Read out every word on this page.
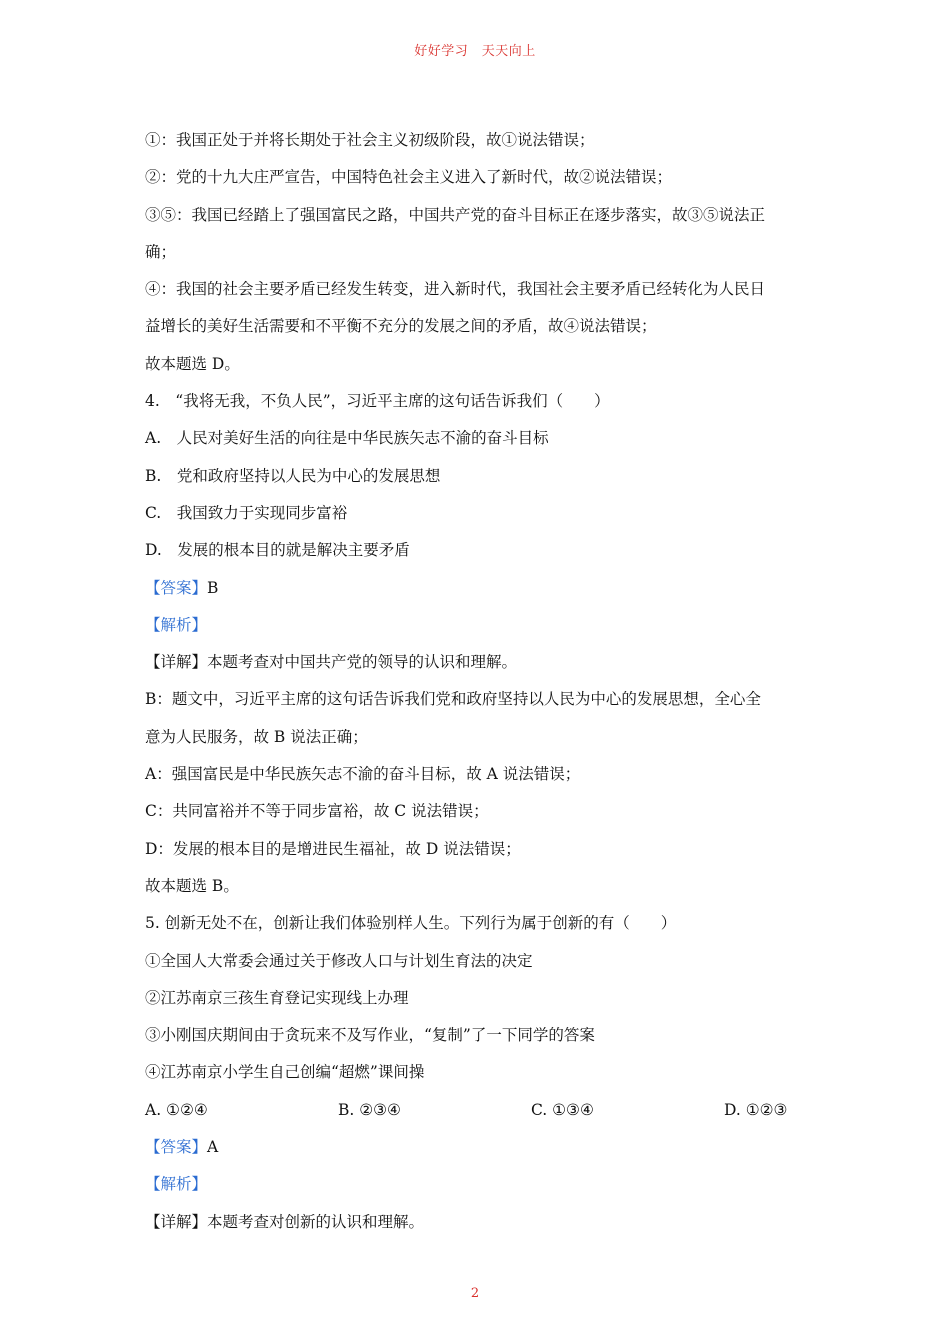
好好学习　天天向上
①：我国正处于并将长期处于社会主义初级阶段，故①说法错误；
②：党的十九大庄严宣告，中国特色社会主义进入了新时代，故②说法错误；
③⑤：我国已经踏上了强国富民之路，中国共产党的奋斗目标正在逐步落实，故③⑤说法正
确；
④：我国的社会主要矛盾已经发生转变，进入新时代，我国社会主要矛盾已经转化为人民日
益增长的美好生活需要和不平衡不充分的发展之间的矛盾，故④说法错误；
故本题选 D。
4.　“我将无我，不负人民”，习近平主席的这句话告诉我们（　　）
A.　人民对美好生活的向往是中华民族矢志不渝的奋斗目标
B.　党和政府坚持以人民为中心的发展思想
C.　我国致力于实现同步富裕
D.　发展的根本目的就是解决主要矛盾
【答案】B
【解析】
【详解】本题考查对中国共产党的领导的认识和理解。
B：题文中，习近平主席的这句话告诉我们党和政府坚持以人民为中心的发展思想，全心全
意为人民服务，故 B 说法正确；
A：强国富民是中华民族矢志不渝的奋斗目标，故 A 说法错误；
C：共同富裕并不等于同步富裕，故 C 说法错误；
D：发展的根本目的是增进民生福祉，故 D 说法错误；
故本题选 B。
5. 创新无处不在，创新让我们体验别样人生。下列行为属于创新的有（　　）
①全国人大常委会通过关于修改人口与计划生育法的决定
②江苏南京三孩生育登记实现线上办理
③小刚国庆期间由于贪玩来不及写作业，“复制”了一下同学的答案
④江苏南京小学生自己创编“超燃”课间操
A. ①②④	B. ②③④	C. ①③④	D. ①②③
【答案】A
【解析】
【详解】本题考查对创新的认识和理解。
2
